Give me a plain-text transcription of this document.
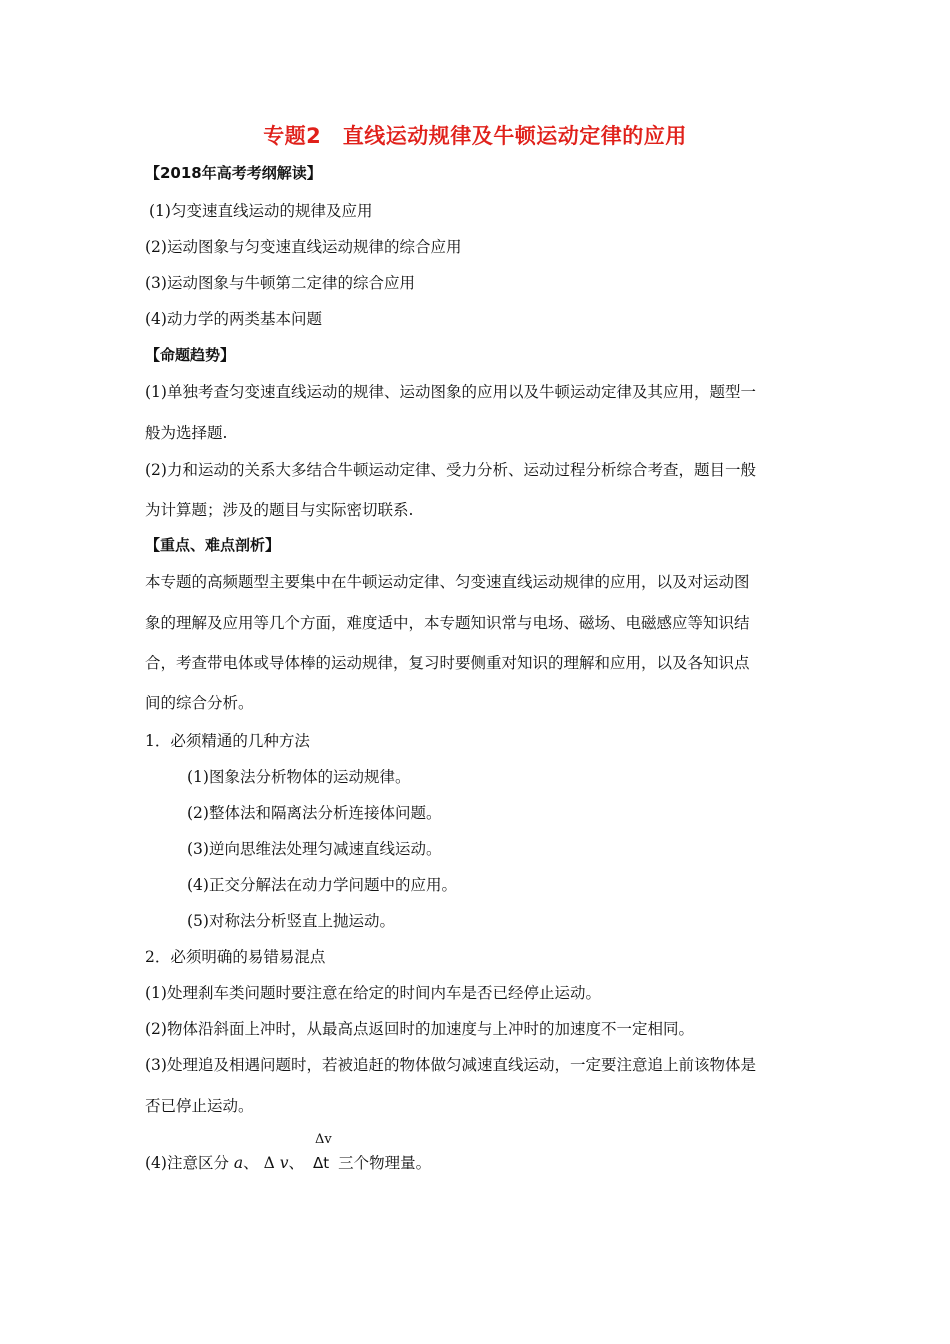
专题2　直线运动规律及牛顿运动定律的应用
【2018年高考考纲解读】
(1)匀变速直线运动的规律及应用
(2)运动图象与匀变速直线运动规律的综合应用
(3)运动图象与牛顿第二定律的综合应用
(4)动力学的两类基本问题
【命题趋势】
(1)单独考查匀变速直线运动的规律、运动图象的应用以及牛顿运动定律及其应用，题型一
般为选择题.
(2)力和运动的关系大多结合牛顿运动定律、受力分析、运动过程分析综合考查，题目一般
为计算题；涉及的题目与实际密切联系.
【重点、难点剖析】
本专题的高频题型主要集中在牛顿运动定律、匀变速直线运动规律的应用，以及对运动图
象的理解及应用等几个方面，难度适中，本专题知识常与电场、磁场、电磁感应等知识结
合，考查带电体或导体棒的运动规律，复习时要侧重对知识的理解和应用，以及各知识点
间的综合分析。
1．必须精通的几种方法
(1)图象法分析物体的运动规律。
(2)整体法和隔离法分析连接体问题。
(3)逆向思维法处理匀减速直线运动。
(4)正交分解法在动力学问题中的应用。
(5)对称法分析竖直上抛运动。
2．必须明确的易错易混点
(1)处理刹车类问题时要注意在给定的时间内车是否已经停止运动。
(2)物体沿斜面上冲时，从最高点返回时的加速度与上冲时的加速度不一定相同。
(3)处理追及相遇问题时，若被追赶的物体做匀减速直线运动，一定要注意追上前该物体是
否已停止运动。
(4)注意区分 a、 Δ v、
Δv
Δt 三个物理量。
